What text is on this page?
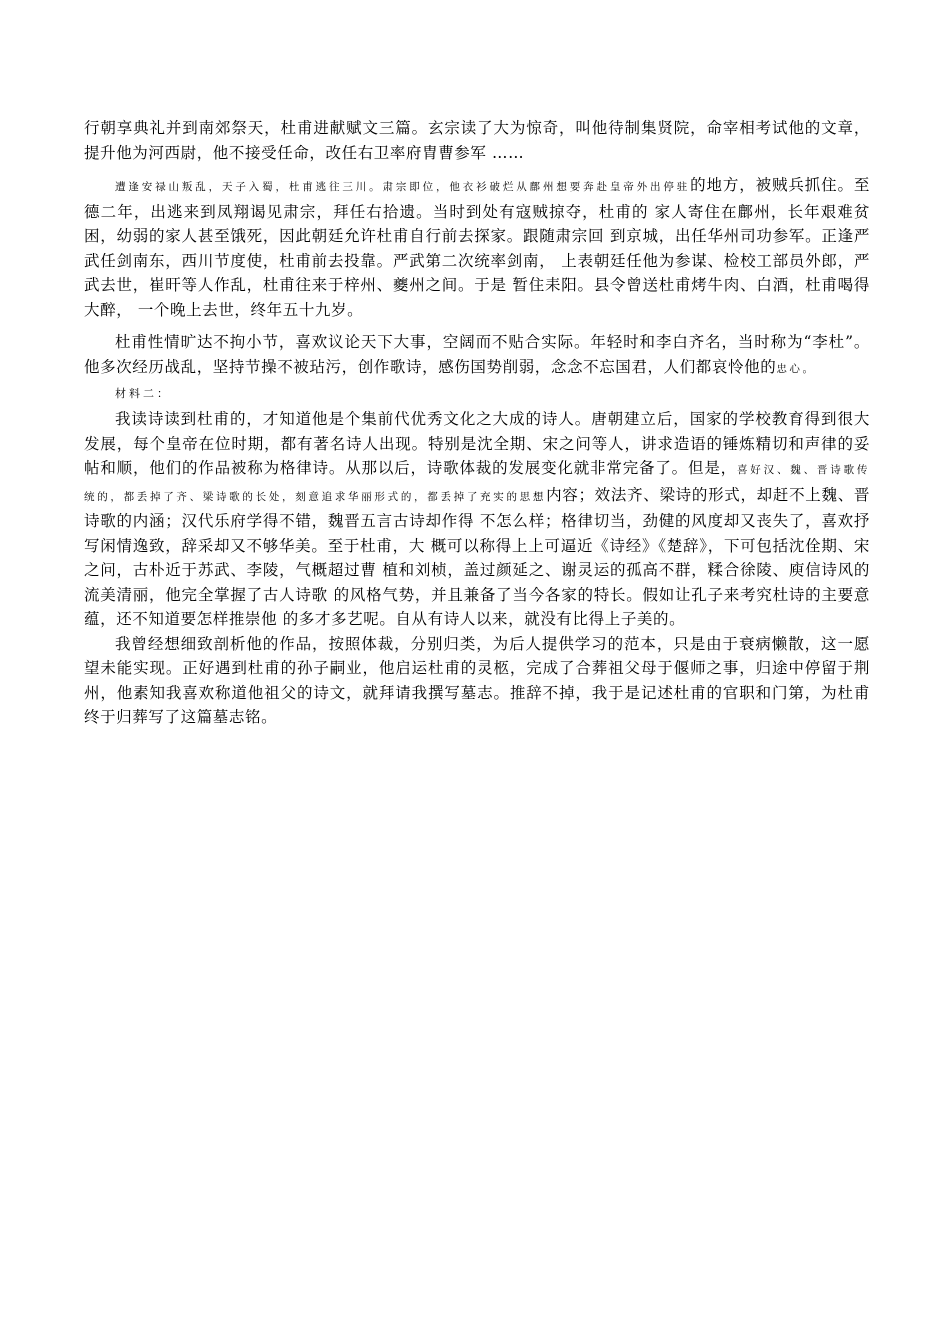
行朝享典礼并到南郊祭天，杜甫进献赋文三篇。玄宗读了大为惊奇，叫他待制集贤院，命宰相考试他的文章，提升他为河西尉，他不接受任命，改任右卫率府胄曹参军 ……

遭逢安禄山叛乱，天子入蜀，杜甫逃往三川。肃宗即位，他衣衫破烂从鄜州想要奔赴皇帝外出停驻的地方，被贼兵抓住。至德二年，出逃来到凤翔谒见肃宗，拜任右拾遗。当时到处有寇贼掠夺，杜甫的 家人寄住在鄜州，长年艰难贫困，幼弱的家人甚至饿死，因此朝廷允许杜甫自行前去探家。跟随肃宗回 到京城，出任华州司功参军。正逢严武任剑南东，西川节度使，杜甫前去投靠。严武第二次统率剑南， 上表朝廷任他为参谋、检校工部员外郎，严武去世，崔旰等人作乱，杜甫往来于梓州、夔州之间。于是 暂住耒阳。县令曾送杜甫烤牛肉、白酒，杜甫喝得大醉， 一个晚上去世，终年五十九岁。

杜甫性情旷达不拘小节，喜欢议论天下大事，空阔而不贴合实际。年轻时和李白齐名，当时称为“李杜”。他多次经历战乱，坚持节操不被玷污，创作歌诗，感伤国势削弱，念念不忘国君，人们都哀怜他的忠心。

材料二：

我读诗读到杜甫的，才知道他是个集前代优秀文化之大成的诗人。唐朝建立后，国家的学校教育得到很大发展，每个皇帝在位时期，都有著名诗人出现。特别是沈全期、宋之问等人，讲求造语的锤炼精切和声律的妥帖和顺，他们的作品被称为格律诗。从那以后，诗歌体裁的发展变化就非常完备了。但是，喜好汉、魏、晋诗歌传统的，都丢掉了齐、梁诗歌的长处，刻意追求华丽形式的，都丢掉了充实的思想内容；效法齐、梁诗的形式，却赶不上魏、晋诗歌的内涵；汉代乐府学得不错，魏晋五言古诗却作得 不怎么样；格律切当，劲健的风度却又丧失了，喜欢抒写闲情逸致，辞采却又不够华美。至于杜甫，大 概可以称得上上可逼近《诗经》《楚辞》，下可包括沈佺期、宋之问，古朴近于苏武、李陵，气概超过曹 植和刘桢，盖过颜延之、谢灵运的孤高不群，糅合徐陵、庾信诗风的流美清丽，他完全掌握了古人诗歌 的风格气势，并且兼备了当今各家的特长。假如让孔子来考究杜诗的主要意蕴，还不知道要怎样推崇他 的多才多艺呢。自从有诗人以来，就没有比得上子美的。

我曾经想细致剖析他的作品，按照体裁，分别归类，为后人提供学习的范本，只是由于衰病懒散，这一愿望未能实现。正好遇到杜甫的孙子嗣业，他启运杜甫的灵柩，完成了合葬祖父母于偃师之事，归途中停留于荆州，他素知我喜欢称道他祖父的诗文，就拜请我撰写墓志。推辞不掉，我于是记述杜甫的官职和门第，为杜甫终于归葬写了这篇墓志铭。
